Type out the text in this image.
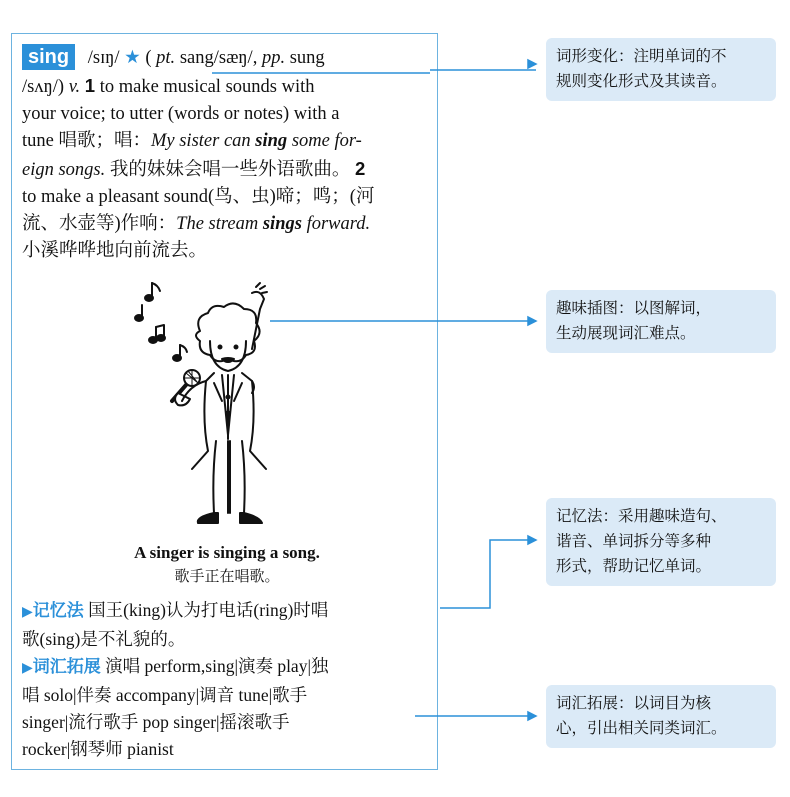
sing /sɪŋ/ ★ ( pt. sang/sæŋ/, pp. sung
/sʌŋ/) v. 1 to make musical sounds with
your voice; to utter (words or notes) with a
tune 唱歌；唱：My sister can sing some for-
eign songs. 我的妹妹会唱一些外语歌曲。 2
to make a pleasant sound(鸟、虫)啼；鸣；(河
流、水壶等)作响：The stream sings forward.
小溪哗哗地向前流去。
A singer is singing a song.
歌手正在唱歌。
▶记忆法 国王(king)认为打电话(ring)时唱
歌(sing)是不礼貌的。
▶词汇拓展 演唱 perform,sing|演奏 play|独
唱 solo|伴奏 accompany|调音 tune|歌手
singer|流行歌手 pop singer|摇滚歌手
rocker|钢琴师 pianist
词形变化：注明单词的不
规则变化形式及其读音。
趣味插图：以图解词，
生动展现词汇难点。
记忆法：采用趣味造句、
谐音、单词拆分等多种
形式，帮助记忆单词。
词汇拓展：以词目为核
心，引出相关同类词汇。
